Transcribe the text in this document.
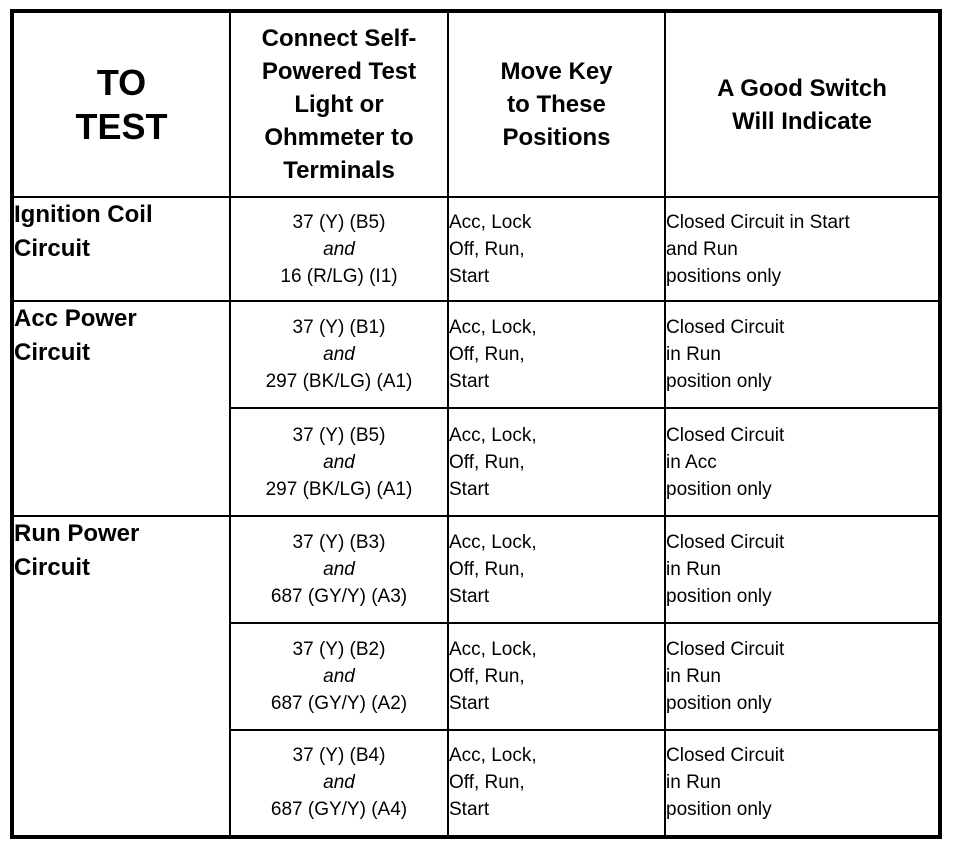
TO
TEST	Connect Self-
Powered Test
Light or
Ohmmeter to
Terminals	Move Key
to These
Positions	A Good Switch
Will Indicate

Ignition Coil
Circuit	37 (Y) (B5)
and
16 (R/LG) (I1)	Acc, Lock
Off, Run,
Start	Closed Circuit in Start
and Run
positions only

Acc Power
Circuit	37 (Y) (B1)
and
297 (BK/LG) (A1)	Acc, Lock,
Off, Run,
Start	Closed Circuit
in Run
position only

	37 (Y) (B5)
and
297 (BK/LG) (A1)	Acc, Lock,
Off, Run,
Start	Closed Circuit
in Acc
position only

Run Power
Circuit	37 (Y) (B3)
and
687 (GY/Y) (A3)	Acc, Lock,
Off, Run,
Start	Closed Circuit
in Run
position only

	37 (Y) (B2)
and
687 (GY/Y) (A2)	Acc, Lock,
Off, Run,
Start	Closed Circuit
in Run
position only

	37 (Y) (B4)
and
687 (GY/Y) (A4)	Acc, Lock,
Off, Run,
Start	Closed Circuit
in Run
position only
